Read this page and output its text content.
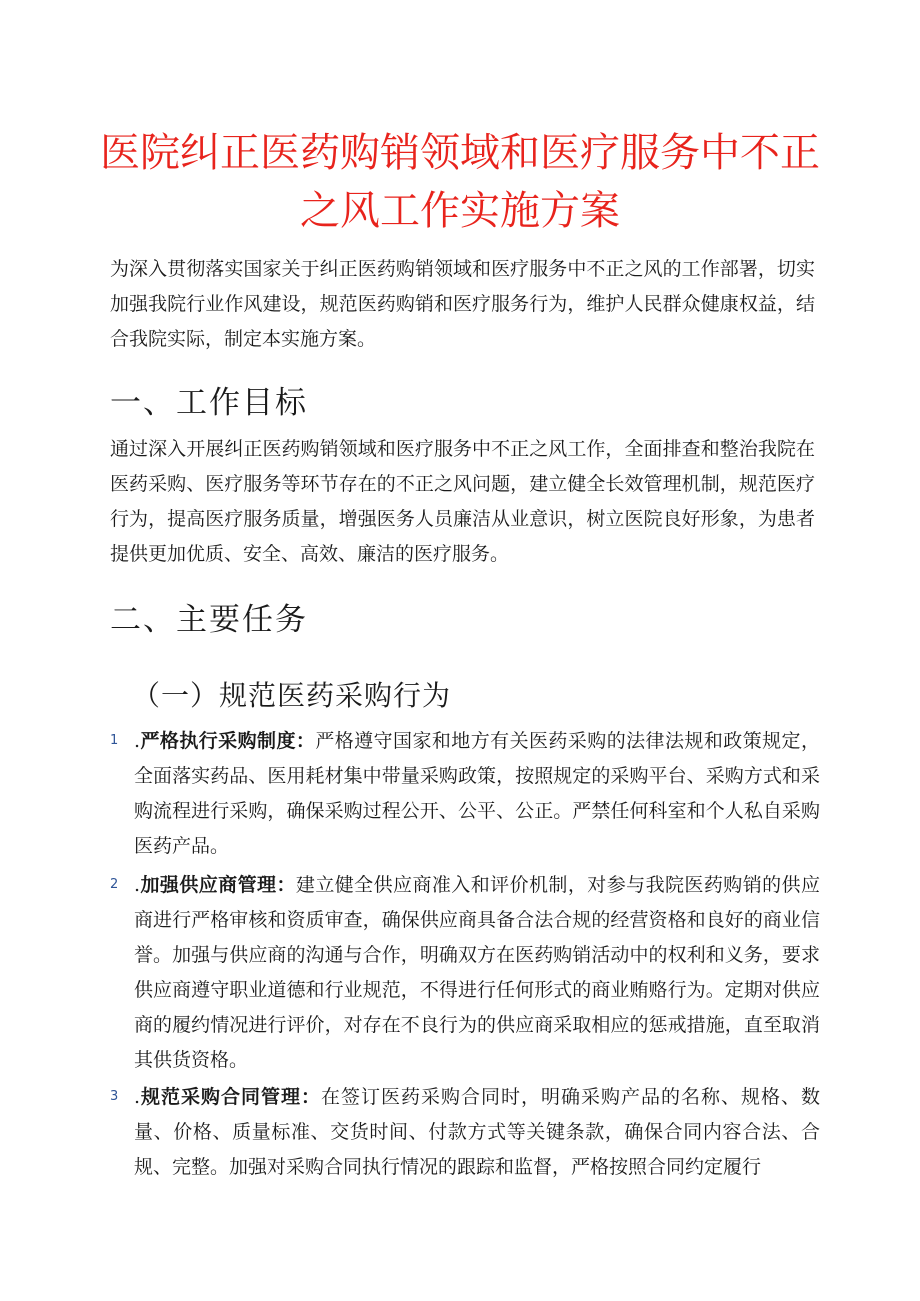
医院纠正医药购销领域和医疗服务中不正
之风工作实施方案

为深入贯彻落实国家关于纠正医药购销领域和医疗服务中不正之风的工作部署，切实加强我院行业作风建设，规范医药购销和医疗服务行为，维护人民群众健康权益，结合我院实际，制定本实施方案。

一、工作目标

通过深入开展纠正医药购销领域和医疗服务中不正之风工作，全面排查和整治我院在医药采购、医疗服务等环节存在的不正之风问题，建立健全长效管理机制，规范医疗行为，提高医疗服务质量，增强医务人员廉洁从业意识，树立医院良好形象，为患者提供更加优质、安全、高效、廉洁的医疗服务。

二、主要任务
（一）规范医药采购行为
1 .严格执行采购制度：严格遵守国家和地方有关医药采购的法律法规和政策规定，全面落实药品、医用耗材集中带量采购政策，按照规定的采购平台、采购方式和采购流程进行采购，确保采购过程公开、公平、公正。严禁任何科室和个人私自采购医药产品。

2 .加强供应商管理：建立健全供应商准入和评价机制，对参与我院医药购销的供应商进行严格审核和资质审查，确保供应商具备合法合规的经营资格和良好的商业信誉。加强与供应商的沟通与合作，明确双方在医药购销活动中的权利和义务，要求供应商遵守职业道德和行业规范，不得进行任何形式的商业贿赂行为。定期对供应商的履约情况进行评价，对存在不良行为的供应商采取相应的惩戒措施，直至取消其供货资格。

3 .规范采购合同管理：在签订医药采购合同时，明确采购产品的名称、规格、数量、价格、质量标准、交货时间、付款方式等关键条款，确保合同内容合法、合规、完整。加强对采购合同执行情况的跟踪和监督，严格按照合同约定履行
